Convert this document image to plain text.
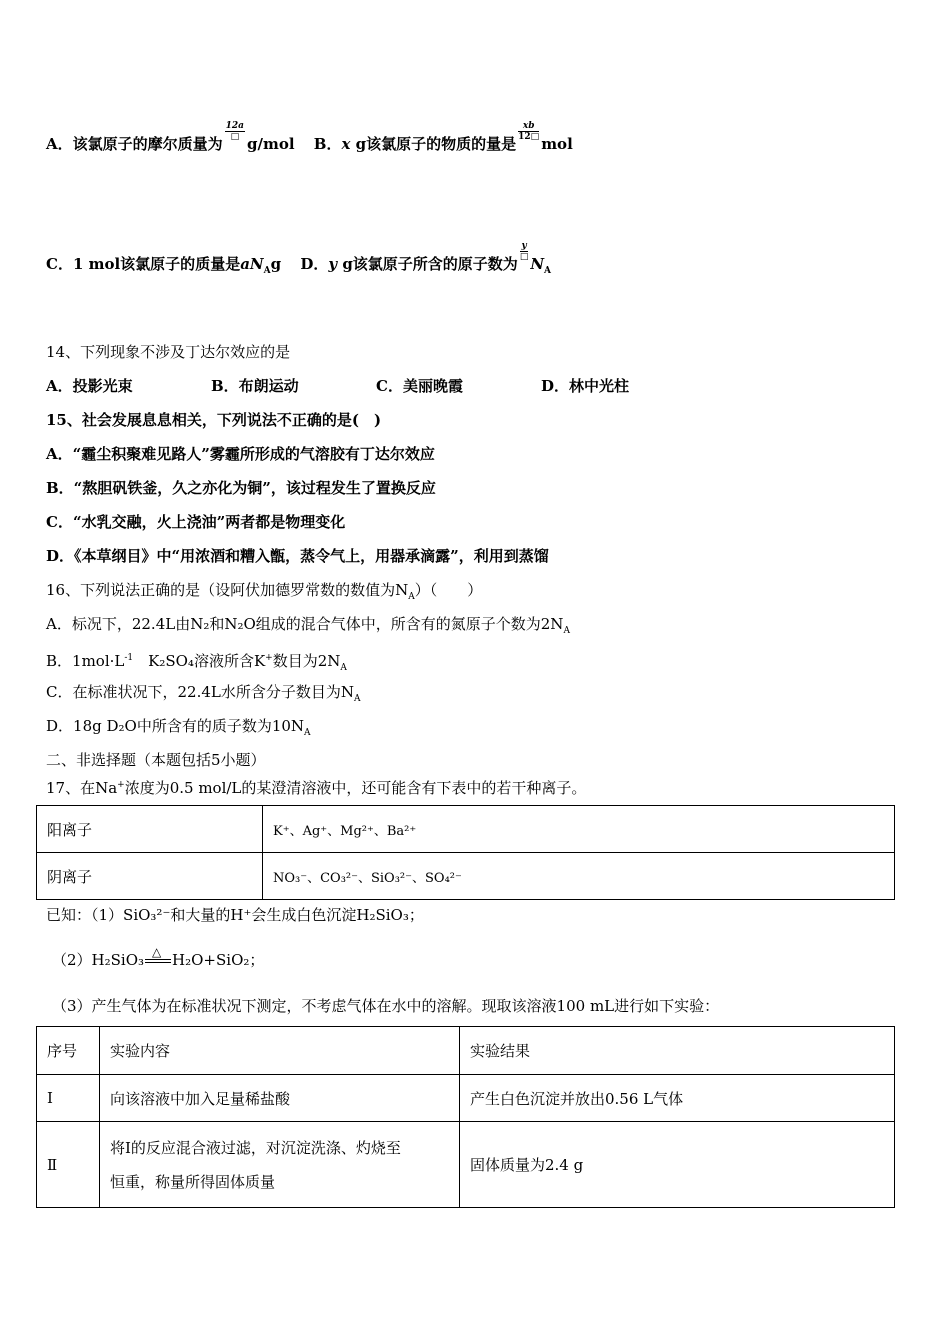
A．该氯原子的摩尔质量为
$\frac{12a}{□}$
g/mol B．x g该氯原子的物质的量是
$\frac{xb}{12□}$
mol
C．1 mol该氯原子的质量是$aN_Ag$ D．y g该氯原子所含的原子数为
$\frac{y}{□}$
$N_A$
14、下列现象不涉及丁达尔效应的是
A．投影光束	B．布朗运动	C．美丽晚霞	D．林中光柱
15、社会发展息息相关，下列说法不正确的是(　)
A．“霾尘积聚难见路人”雾霾所形成的气溶胶有丁达尔效应
B．“熬胆矾铁釜，久之亦化为铜”，该过程发生了置换反应
C．“水乳交融，火上浇油”两者都是物理变化
D．《本草纲目》中“用浓酒和糟入甑，蒸令气上，用器承滴露”，利用到蒸馏
16、下列说法正确的是（设阿伏加德罗常数的数值为$N_A$）（　　）
A．标况下，22.4L由N₂和N₂O组成的混合气体中，所含有的氮原子个数为$2N_A$
B．$1mol\cdot L^{-1}$　K₂SO₄溶液所含K+数目为$2N_A$
C．在标准状况下，22.4L水所含分子数目为$N_A$
D．18g D₂O中所含有的质子数为$10N_A$
二、非选择题（本题包括5小题）
17、在Na+浓度为0.5 mol/L的某澄清溶液中，还可能含有下表中的若干种离子。
阳离子	K⁺、Ag⁺、Mg²⁺、Ba²⁺
阴离子	NO₃⁻、CO₃²⁻、SiO₃²⁻、SO₄²⁻
已知：（1）SiO₃²⁻和大量的H⁺会生成白色沉淀H₂SiO₃；
（2）H₂SiO₃ △ H₂O+SiO₂；
（3）产生气体为在标准状况下测定，不考虑气体在水中的溶解。现取该溶液100 mL进行如下实验：
序号	实验内容	实验结果
Ⅰ	向该溶液中加入足量稀盐酸	产生白色沉淀并放出0.56 L气体
Ⅱ	将Ⅰ的反应混合液过滤，对沉淀洗涤、灼烧至
恒重，称量所得固体质量	固体质量为2.4 g
